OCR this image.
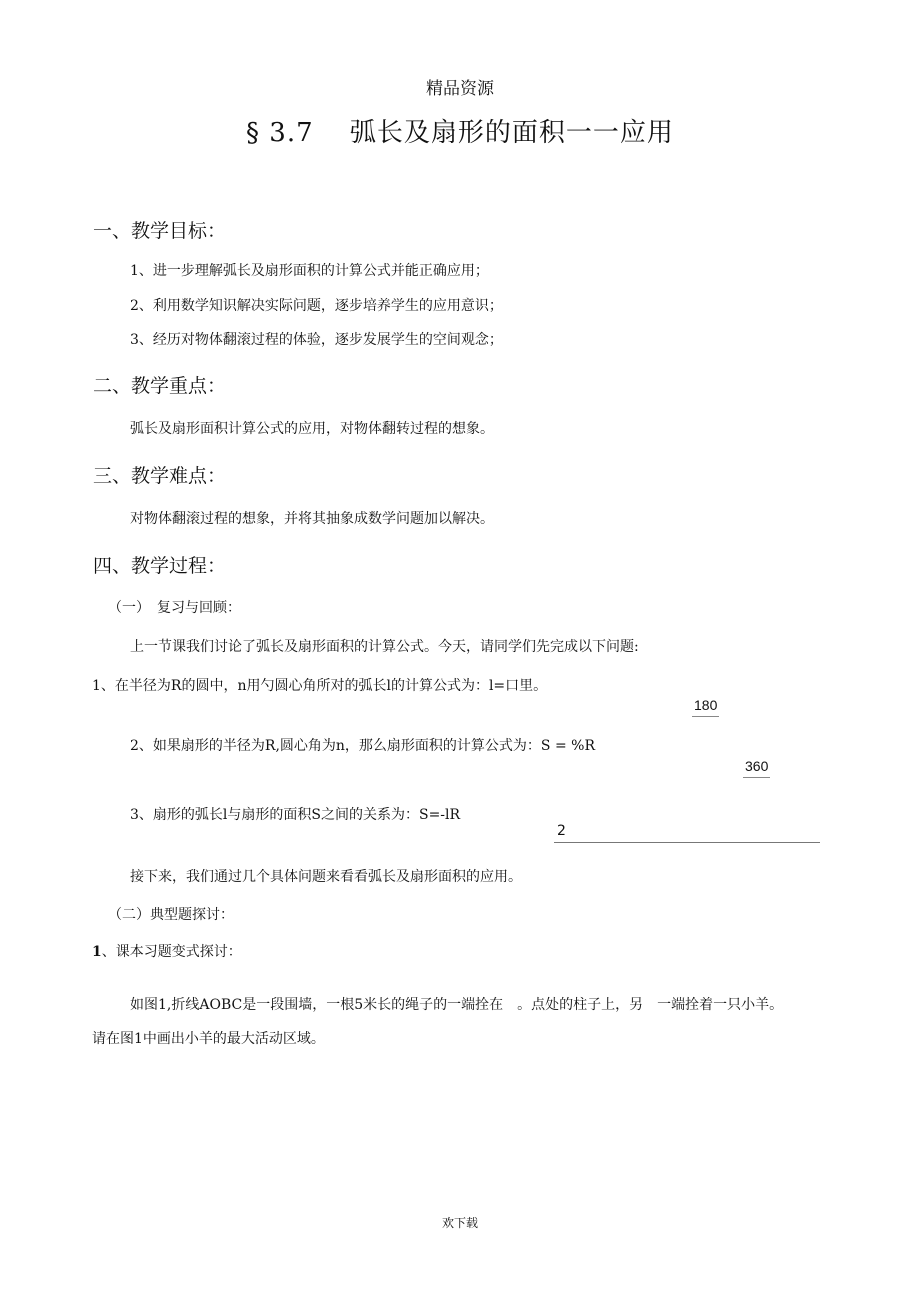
精品资源
§ 3.7　 弧长及扇形的面积一一应用
一、教学目标：
1、进一步理解弧长及扇形面积的计算公式并能正确应用；
2、利用数学知识解决实际问题，逐步培养学生的应用意识；
3、经历对物体翻滚过程的体验，逐步发展学生的空间观念；
二、教学重点：
弧长及扇形面积计算公式的应用，对物体翻转过程的想象。
三、教学难点：
对物体翻滚过程的想象，并将其抽象成数学问题加以解决。
四、教学过程：
（一）　复习与回顾：
上一节课我们讨论了弧长及扇形面积的计算公式。今天，请同学们先完成以下问题:
1、在半径为R的圆中，n用勺圆心角所对的弧长l的计算公式为：l=口里。
180
2、如果扇形的半径为R,圆心角为n，那么扇形面积的计算公式为：S = %R
360
3、扇形的弧长l与扇形的面积S之间的关系为：S=-lR
2
接下来，我们通过几个具体问题来看看弧长及扇形面积的应用。
（二）典型题探讨：
1、课本习题变式探讨：
如图1,折线AOBC是一段围墙，一根5米长的绳子的一端拴在　。点处的柱子上，另　一端拴着一只小羊。
请在图1中画出小羊的最大活动区域。
欢下载
